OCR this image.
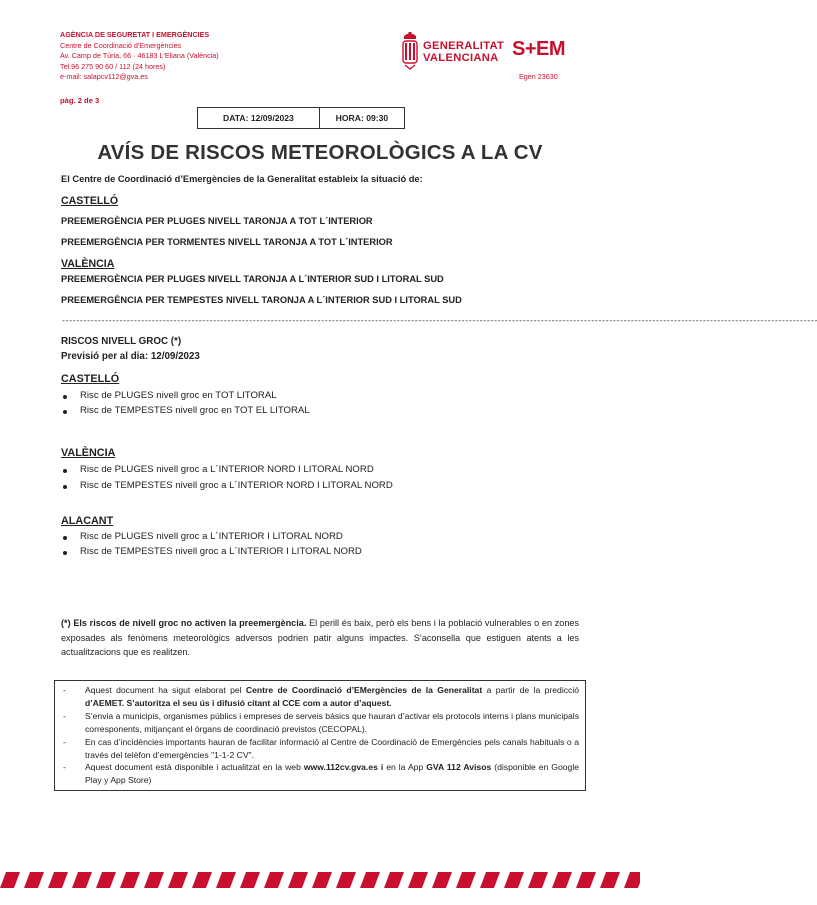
AGÈNCIA DE SEGURETAT I EMERGÈNCIES
Centre de Coordinació d'Emergències
Av. Camp de Túria, 66 · 46183 L'Eliana (València)
Tel.96 275 90 60 / 112 (24 hores)
e-mail: salapcv112@gva.es
pàg. 2 de 3
GENERALITAT
VALENCIANA S+EM
Egen 23630
DATA: 12/09/2023	HORA: 09:30
AVÍS DE RISCOS METEOROLÒGICS A LA CV
El Centre de Coordinació d’Emergències de la Generalitat estableix la situació de:
CASTELLÓ
PREEMERGÈNCIA PER PLUGES NIVELL TARONJA A TOT L´INTERIOR
PREEMERGÈNCIA PER TORMENTES NIVELL TARONJA A TOT L´INTERIOR
VALÈNCIA
PREEMERGÈNCIA PER PLUGES NIVELL TARONJA A L´INTERIOR SUD I LITORAL SUD
PREEMERGÈNCIA PER TEMPESTES NIVELL TARONJA A L´INTERIOR SUD I LITORAL SUD
------------------------------------------------------------------------------------------------------------------------------------------------------------------------------------------------------------------
RISCOS NIVELL GROC (*)
Previsió per al dia: 12/09/2023
CASTELLÓ
Risc de PLUGES nivell groc en TOT LITORAL
Risc de TEMPESTES nivell groc en TOT EL LITORAL
VALÈNCIA
Risc de PLUGES nivell groc a L´INTERIOR NORD I LITORAL NORD
Risc de TEMPESTES nivell groc a L´INTERIOR NORD I LITORAL NORD
ALACANT
Risc de PLUGES nivell groc a L´INTERIOR I LITORAL NORD
Risc de TEMPESTES nivell groc a L´INTERIOR I LITORAL NORD
(*) Els riscos de nivell groc no activen la preemergència. El perill és baix, però els bens i la població vulnerables o en zones exposades als fenòmens meteorològics adversos podrien patir alguns impactes. S’aconsella que estiguen atents a les actualitzacions que es realitzen.
- Aquest document ha sigut elaborat pel Centre de Coordinació d’EMergències de la Generalitat a partir de la predicció d’AEMET. S’autoritza el seu ús i difusió citant al CCE com a autor d’aquest.
- S’envia a municipis, organismes públics i empreses de serveis bàsics que hauran d’activar els protocols interns i plans municipals corresponents, mitjançant el òrgans de coordinació previstos (CECOPAL).
- En cas d’incidències importants hauran de facilitar informació al Centre de Coordinació de Emergències pels canals habituals o a través del telèfon d’emergències "1-1-2 CV".
- Aquest document està disponible i actualitzat en la web www.112cv.gva.es i en la App GVA 112 Avisos (disponible en Google Play y App Store)
